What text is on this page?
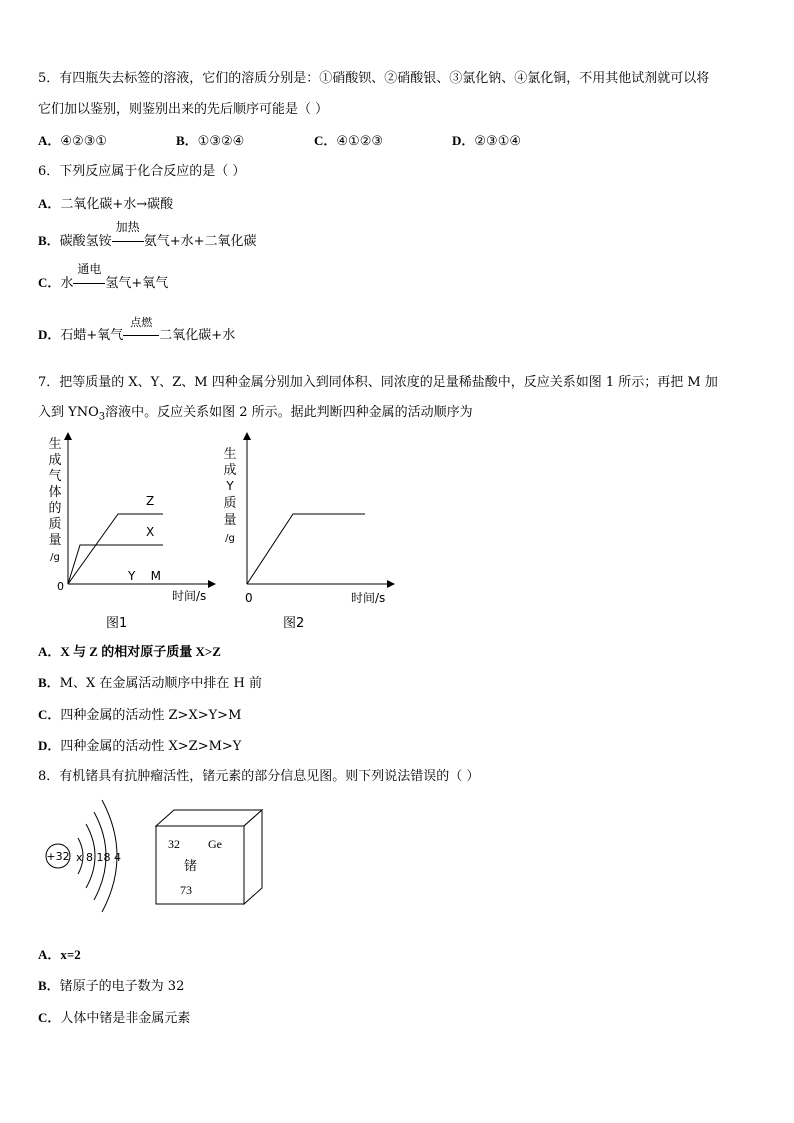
5．有四瓶失去标签的溶液，它们的溶质分别是：①硝酸钡、②硝酸银、③氯化钠、④氯化铜，不用其他试剂就可以将
它们加以鉴别，则鉴别出来的先后顺序可能是（ ）
A．④②③①	B．①③②④	C．④①②③	D．②③①④
6．下列反应属于化合反应的是（ ）
A．二氧化碳+水→碳酸
B．碳酸氢铵
加热
氨气+水+二氧化碳
C．水
通电
氢气+氧气
D．石蜡+氧气
点燃
二氧化碳+水
7．把等质量的 X、Y、Z、M 四种金属分别加入到同体积、同浓度的足量稀盐酸中，反应关系如图 1 所示；再把 M 加
入到 $YNO_3$溶液中。反应关系如图 2 所示。据此判断四种金属的活动顺序为
生
成
气
体
的
质
量
/g
0
时间/s
Z
X
Y    M
图1
生
成
Y
质
量
/g
0	时间/s
图2
A．X 与 Z 的相对原子质量 X>Z
B．M、X 在金属活动顺序中排在 H 前
C．四种金属的活动性 Z>X>Y>M
D．四种金属的活动性 X>Z>M>Y
8．有机锗具有抗肿瘤活性，锗元素的部分信息见图。则下列说法错误的（ ）
+32 x 8 18 4
32 Ge
锗
73
A．x=2
B．锗原子的电子数为 32
C．人体中锗是非金属元素
